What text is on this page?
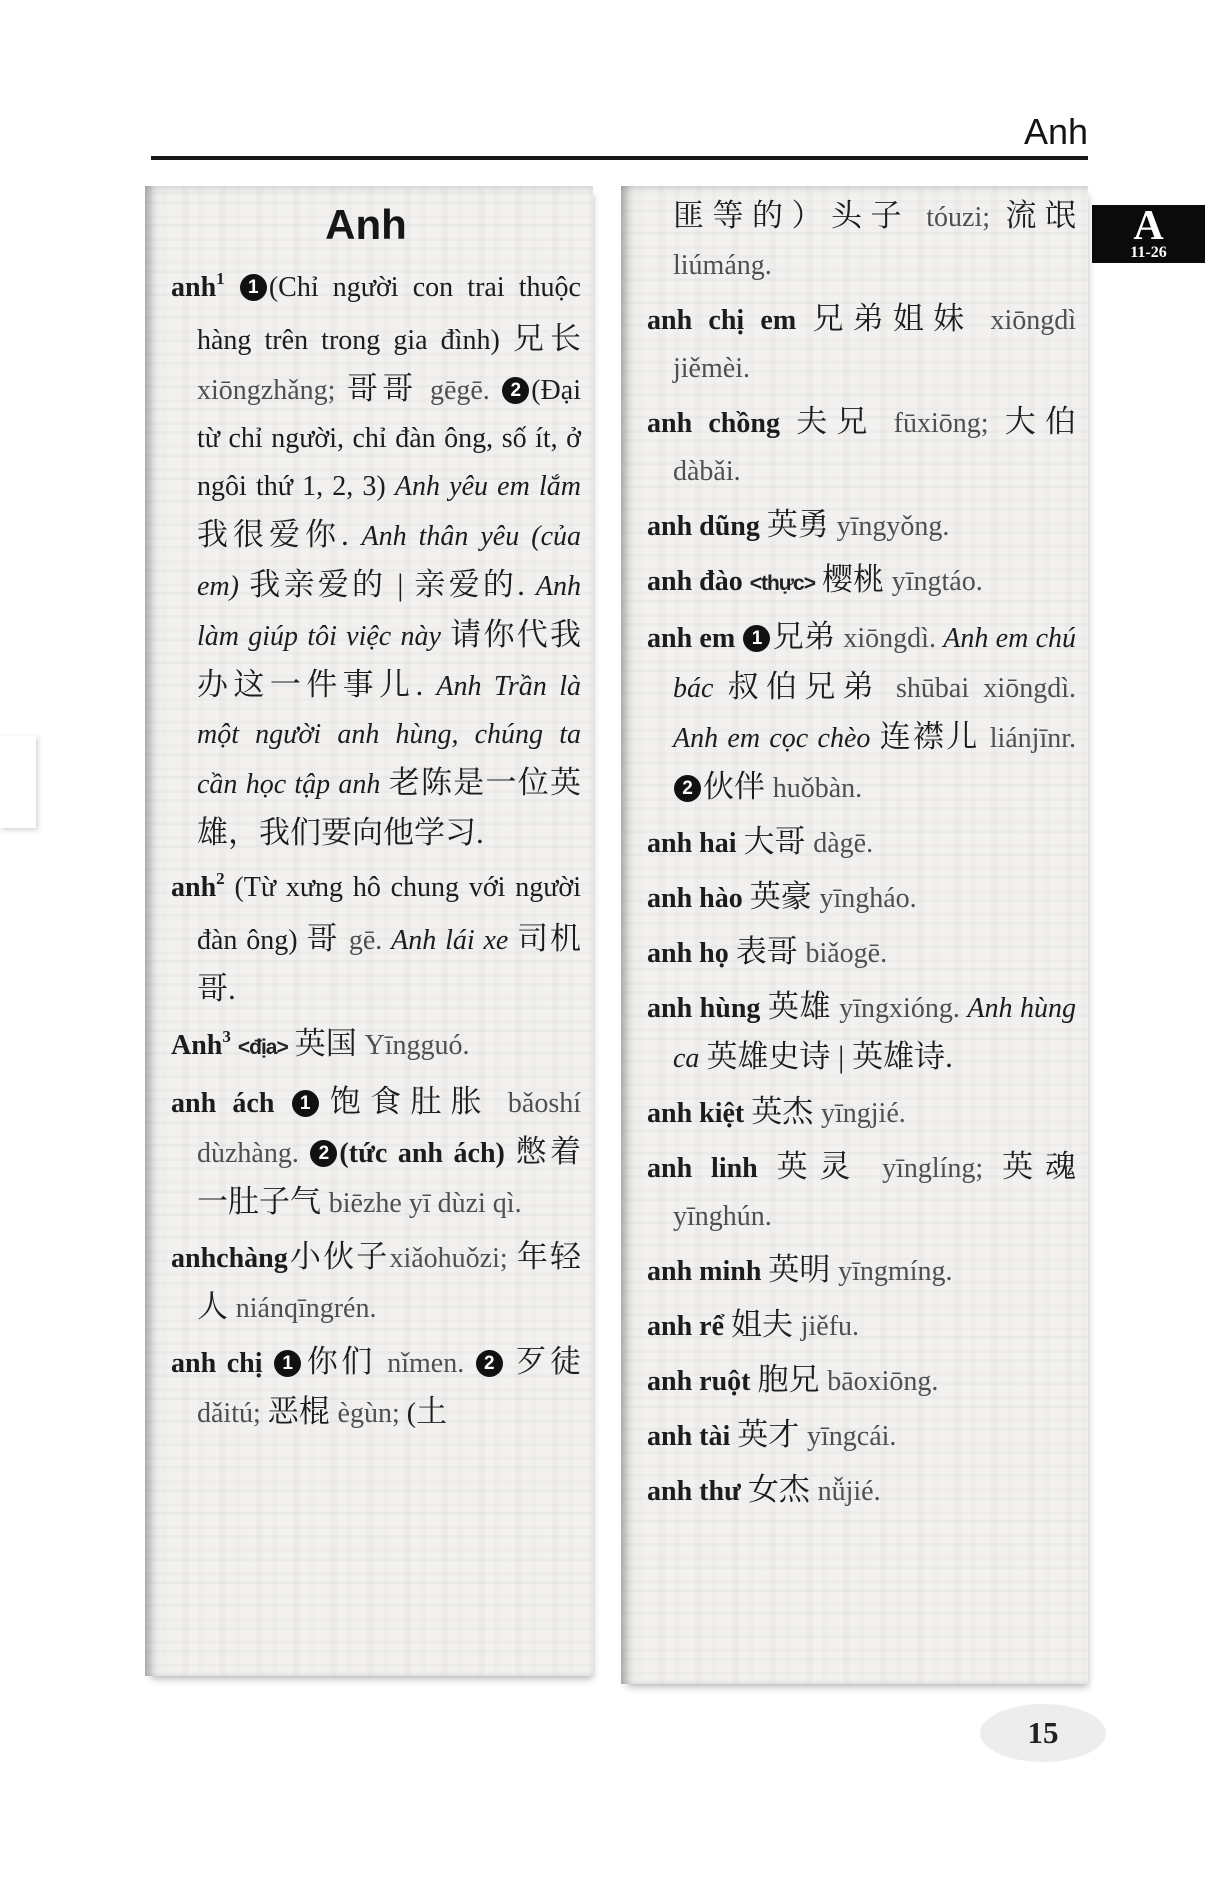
Anh
A
11-26
Anh

anh$^1$ 1 (Chỉ người con trai thuộc hàng trên trong gia đình) 兄长 xiōngzhǎng; 哥哥 gēgē. 2 (Đại từ chỉ người, chỉ đàn ông, số ít, ở ngôi thứ 1, 2, 3) Anh yêu em lắm 我很爱你. Anh thân yêu (của em) 我亲爱的 | 亲爱的. Anh làm giúp tôi việc này 请你代我办这一件事儿. Anh Trần là một người anh hùng, chúng ta cần học tập anh 老陈是一位英雄，我们要向他学习.

anh$^2$ (Từ xưng hô chung với người đàn ông) 哥 gē. Anh lái xe 司机哥.

Anh$^3$ <địa> 英国 Yīngguó.

anh ách 1 饱食肚胀 bǎoshí dùzhàng. 2 (tức anh ách) 憋着一肚子气 biēzhe yī dùzi qì.

anhchàng小伙子xiǎohuǒzi; 年轻人 niánqīngrén.

anh chị 1 你们 nǐmen. 2 歹徒 dǎitú; 恶棍 ègùn; (土

匪等的）头子 tóuzi; 流氓 liúmáng.

anh chị em 兄弟姐妹 xiōngdì jiěmèi.

anh chồng 夫兄 fūxiōng; 大伯 dàbǎi.

anh dũng 英勇 yīngyǒng.

anh đào <thực> 樱桃 yīngtáo.

anh em 1 兄弟 xiōngdì. Anh em chú bác 叔伯兄弟 shūbai xiōngdì. Anh em cọc chèo 连襟儿 liánjīnr. 2 伙伴 huǒbàn.

anh hai 大哥 dàgē.

anh hào 英豪 yīngháo.

anh họ 表哥 biǎogē.

anh hùng 英雄 yīngxióng. Anh hùng ca 英雄史诗 | 英雄诗.

anh kiệt 英杰 yīngjié.

anh linh 英灵 yīnglíng; 英魂 yīnghún.

anh minh 英明 yīngmíng.

anh rể 姐夫 jiěfu.

anh ruột 胞兄 bāoxiōng.

anh tài 英才 yīngcái.

anh thư 女杰 nǚjié.

15
